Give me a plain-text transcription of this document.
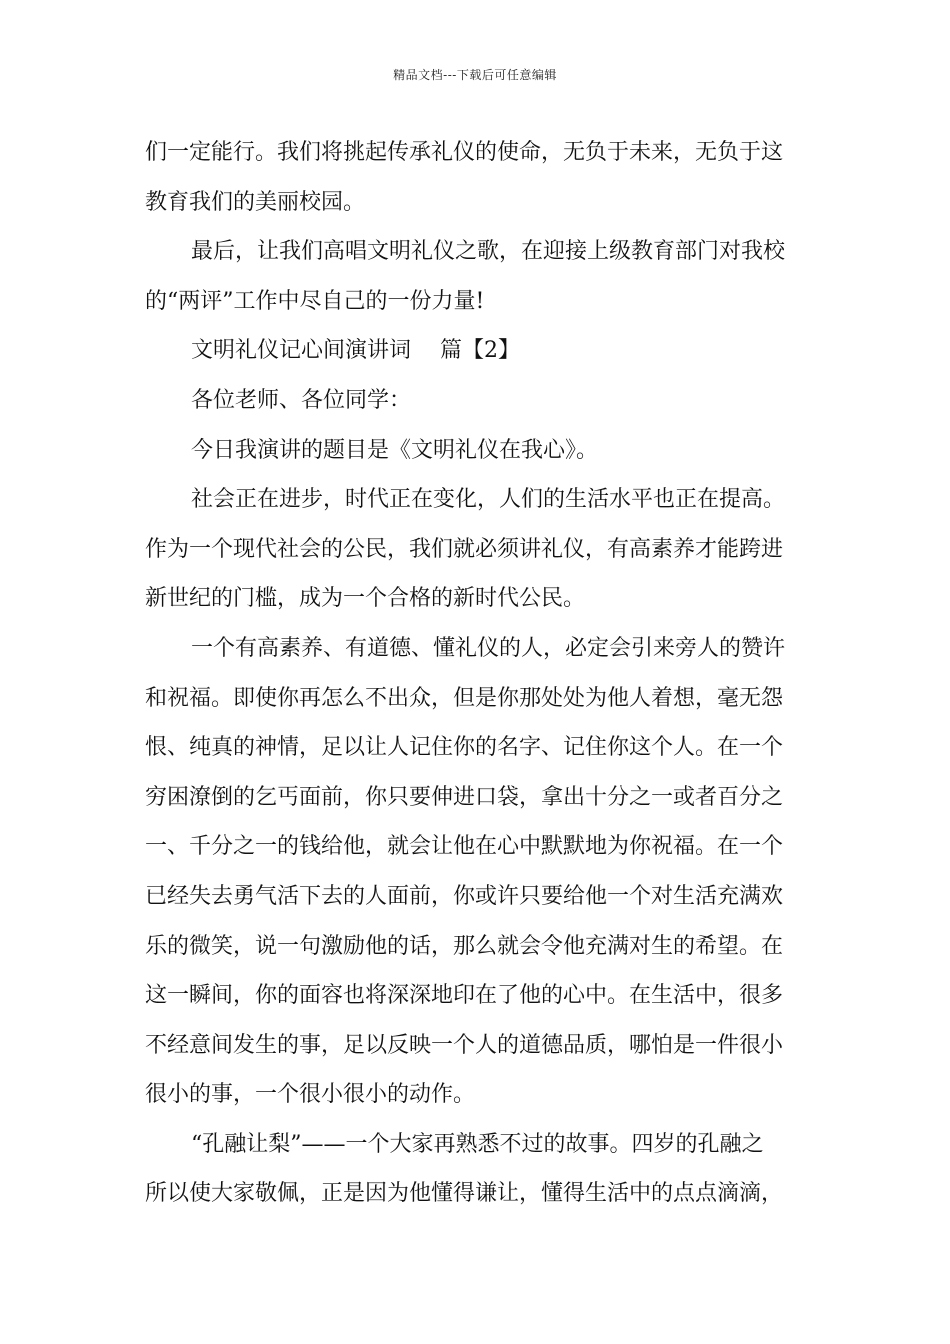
精品文档---下载后可任意编辑
们一定能行。我们将挑起传承礼仪的使命，无负于未来，无负于这
教育我们的美丽校园。
最后，让我们高唱文明礼仪之歌，在迎接上级教育部门对我校
的“两评”工作中尽自己的一份力量!
文明礼仪记心间演讲词　 篇【2】
各位老师、各位同学：
今日我演讲的题目是《文明礼仪在我心》。
社会正在进步，时代正在变化，人们的生活水平也正在提高。
作为一个现代社会的公民，我们就必须讲礼仪，有高素养才能跨进
新世纪的门槛，成为一个合格的新时代公民。
一个有高素养、有道德、懂礼仪的人，必定会引来旁人的赞许
和祝福。即使你再怎么不出众，但是你那处处为他人着想，毫无怨
恨、纯真的神情，足以让人记住你的名字、记住你这个人。在一个
穷困潦倒的乞丐面前，你只要伸进口袋，拿出十分之一或者百分之
一、千分之一的钱给他，就会让他在心中默默地为你祝福。在一个
已经失去勇气活下去的人面前，你或许只要给他一个对生活充满欢
乐的微笑，说一句激励他的话，那么就会令他充满对生的希望。在
这一瞬间，你的面容也将深深地印在了他的心中。在生活中，很多
不经意间发生的事，足以反映一个人的道德品质，哪怕是一件很小
很小的事，一个很小很小的动作。
“孔融让梨”——一个大家再熟悉不过的故事。四岁的孔融之
所以使大家敬佩，正是因为他懂得谦让，懂得生活中的点点滴滴，
